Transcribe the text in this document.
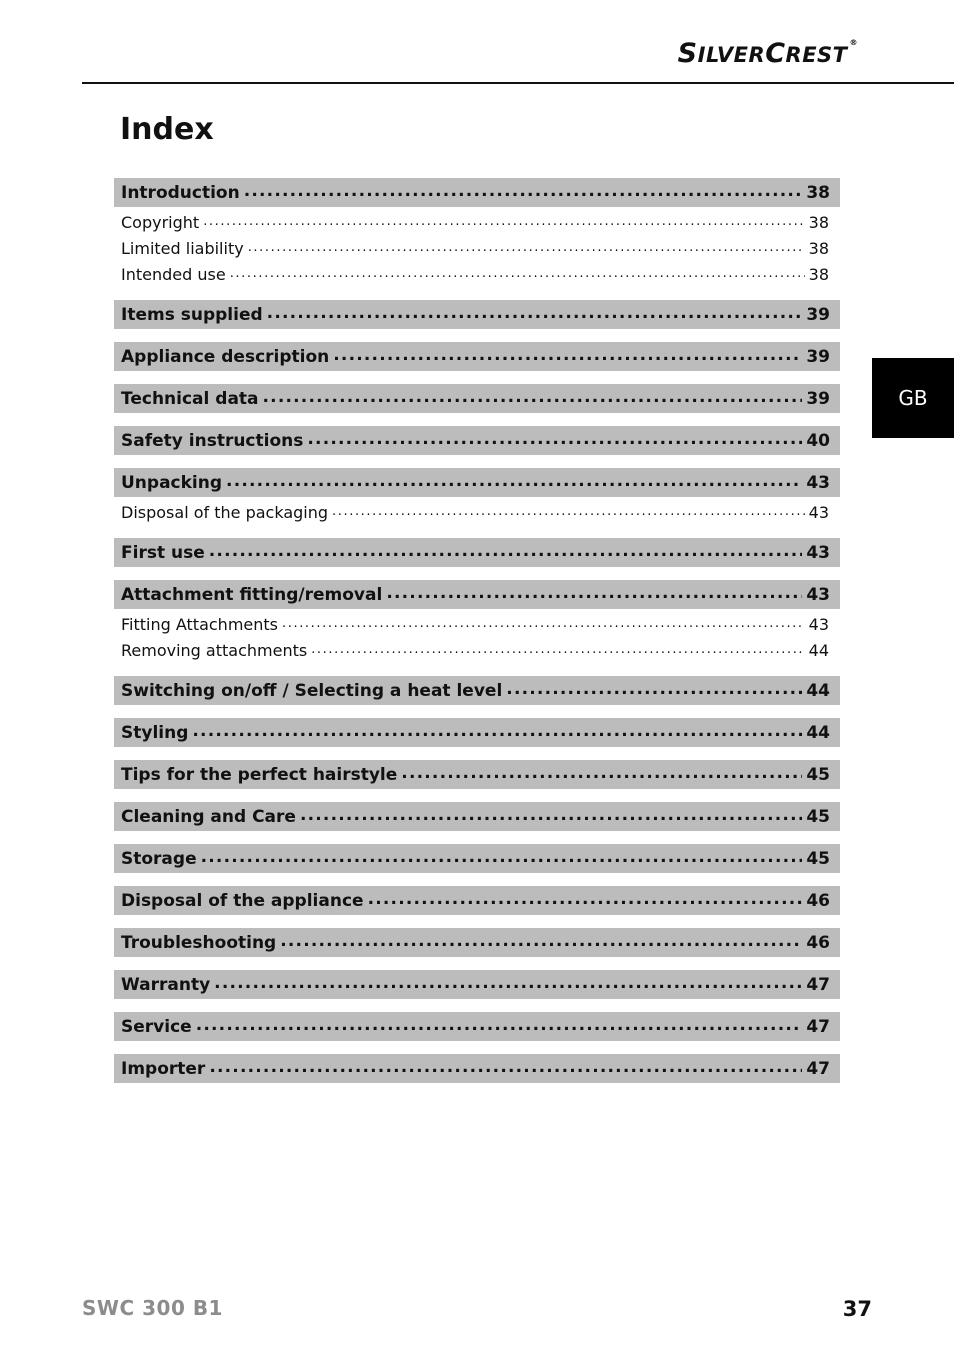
SILVERCREST®
Index
GB
Introduction .....	38
Copyright .....	38
Limited liability .....	38
Intended use .....	38
Items supplied .....	39
Appliance description .....	39
Technical data .....	39
Safety instructions .....	40
Unpacking .....	43
Disposal of the packaging .....	43
First use .....	43
Attachment fitting/removal .....	43
Fitting Attachments .....	43
Removing attachments .....	44
Switching on/off / Selecting a heat level .....	44
Styling .....	44
Tips for the perfect hairstyle .....	45
Cleaning and Care .....	45
Storage .....	45
Disposal of the appliance .....	46
Troubleshooting .....	46
Warranty .....	47
Service .....	47
Importer .....	47
SWC 300 B1	37
